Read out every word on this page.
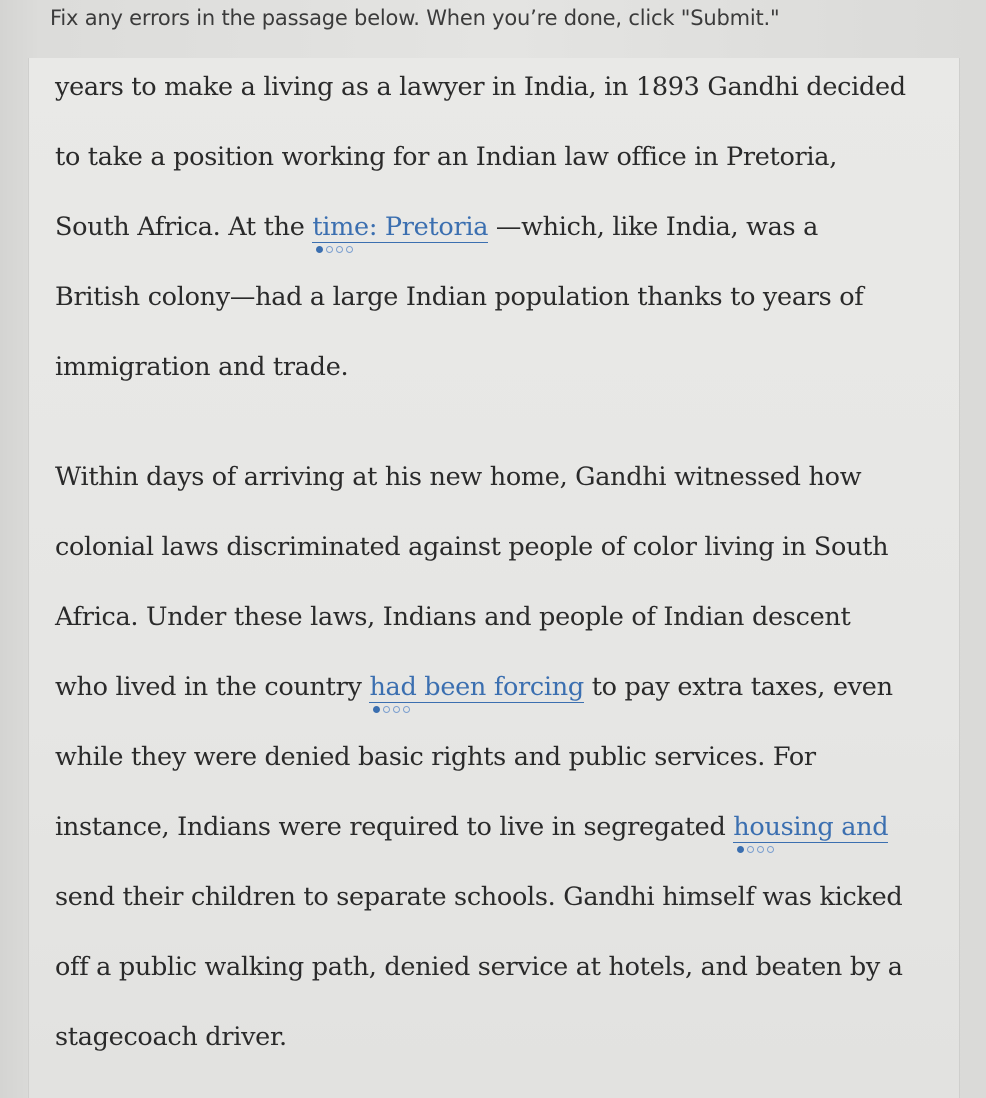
Fix any errors in the passage below. When you’re done, click "Submit."

years to make a living as a lawyer in India, in 1893 Gandhi decided

to take a position working for an Indian law office in Pretoria,

South Africa. At the time: Pretoria
—which, like India, was a

British colony—had a large Indian population thanks to years of

immigration and trade.

Within days of arriving at his new home, Gandhi witnessed how

colonial laws discriminated against people of color living in South

Africa. Under these laws, Indians and people of Indian descent

who lived in the country had been forcing
to pay extra taxes, even

while they were denied basic rights and public services. For

instance, Indians were required to live in segregated housing and

send their children to separate schools. Gandhi himself was kicked

off a public walking path, denied service at hotels, and beaten by a

stagecoach driver.
